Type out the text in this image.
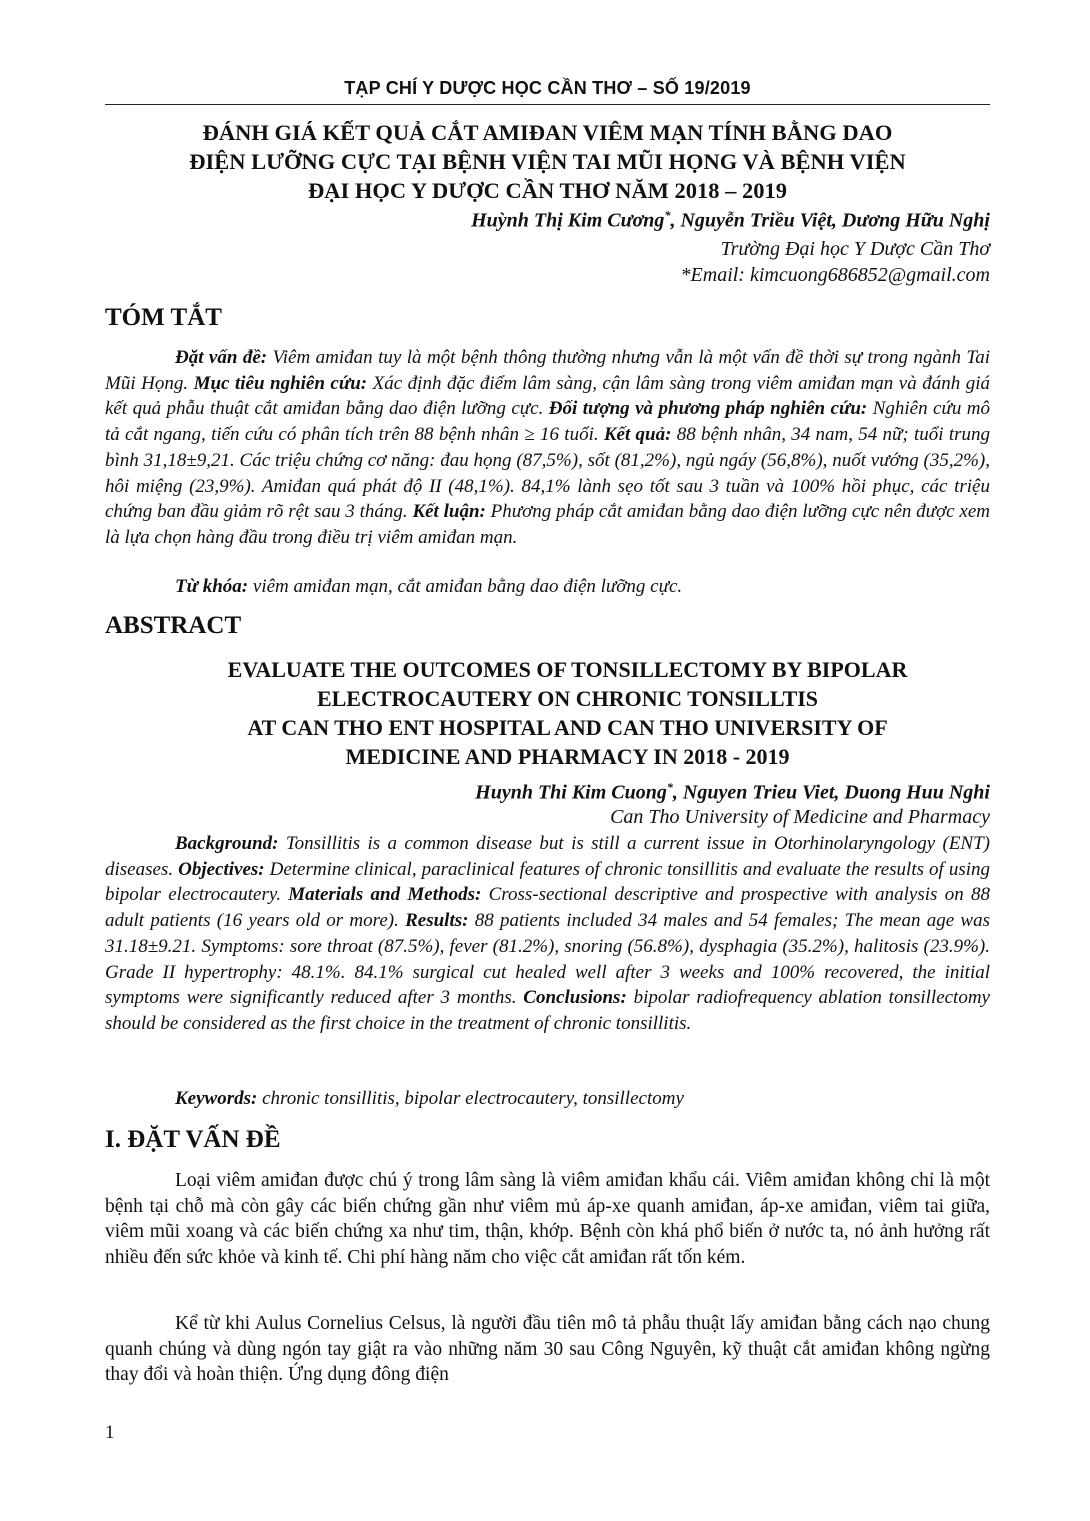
TẠP CHÍ Y DƯỢC HỌC CẦN THƠ – SỐ 19/2019
ĐÁNH GIÁ KẾT QUẢ CẮT AMIĐAN VIÊM MẠN TÍNH BẰNG DAO
ĐIỆN LƯỠNG CỰC TẠI BỆNH VIỆN TAI MŨI HỌNG VÀ BỆNH VIỆN
ĐẠI HỌC Y DƯỢC CẦN THƠ NĂM 2018 – 2019
Huỳnh Thị Kim Cương*, Nguyễn Triều Việt, Dương Hữu Nghị
Trường Đại học Y Dược Cần Thơ
*Email: kimcuong686852@gmail.com
TÓM TẮT

Đặt vấn đề: Viêm amiđan tuy là một bệnh thông thường nhưng vẫn là một vấn đề thời sự trong ngành Tai Mũi Họng. Mục tiêu nghiên cứu: Xác định đặc điểm lâm sàng, cận lâm sàng trong viêm amiđan mạn và đánh giá kết quả phẫu thuật cắt amiđan bằng dao điện lưỡng cực. Đối tượng và phương pháp nghiên cứu: Nghiên cứu mô tả cắt ngang, tiến cứu có phân tích trên 88 bệnh nhân ≥ 16 tuổi. Kết quả: 88 bệnh nhân, 34 nam, 54 nữ; tuổi trung bình 31,18±9,21. Các triệu chứng cơ năng: đau họng (87,5%), sốt (81,2%), ngủ ngáy (56,8%), nuốt vướng (35,2%), hôi miệng (23,9%). Amiđan quá phát độ II (48,1%). 84,1% lành sẹo tốt sau 3 tuần và 100% hồi phục, các triệu chứng ban đầu giảm rõ rệt sau 3 tháng. Kết luận: Phương pháp cắt amiđan bằng dao điện lưỡng cực nên được xem là lựa chọn hàng đầu trong điều trị viêm amiđan mạn.

Từ khóa: viêm amiđan mạn, cắt amiđan bằng dao điện lưỡng cực.
ABSTRACT
EVALUATE THE OUTCOMES OF TONSILLECTOMY BY BIPOLAR
ELECTROCAUTERY ON CHRONIC TONSILLTIS
AT CAN THO ENT HOSPITAL AND CAN THO UNIVERSITY OF
MEDICINE AND PHARMACY IN 2018 - 2019
Huynh Thi Kim Cuong*, Nguyen Trieu Viet, Duong Huu Nghi
Can Tho University of Medicine and Pharmacy

Background: Tonsillitis is a common disease but is still a current issue in Otorhinolaryngology (ENT) diseases. Objectives: Determine clinical, paraclinical features of chronic tonsillitis and evaluate the results of using bipolar electrocautery. Materials and Methods: Cross-sectional descriptive and prospective with analysis on 88 adult patients (16 years old or more). Results: 88 patients included 34 males and 54 females; The mean age was 31.18±9.21. Symptoms: sore throat (87.5%), fever (81.2%), snoring (56.8%), dysphagia (35.2%), halitosis (23.9%). Grade II hypertrophy: 48.1%. 84.1% surgical cut healed well after 3 weeks and 100% recovered, the initial symptoms were significantly reduced after 3 months. Conclusions: bipolar radiofrequency ablation tonsillectomy should be considered as the first choice in the treatment of chronic tonsillitis.

Keywords: chronic tonsillitis, bipolar electrocautery, tonsillectomy
I. ĐẶT VẤN ĐỀ

Loại viêm amiđan được chú ý trong lâm sàng là viêm amiđan khẩu cái. Viêm amiđan không chỉ là một bệnh tại chỗ mà còn gây các biến chứng gần như viêm mủ áp-xe quanh amiđan, áp-xe amiđan, viêm tai giữa, viêm mũi xoang và các biến chứng xa như tim, thận, khớp. Bệnh còn khá phổ biến ở nước ta, nó ảnh hưởng rất nhiều đến sức khỏe và kinh tế. Chi phí hàng năm cho việc cắt amiđan rất tốn kém.

Kể từ khi Aulus Cornelius Celsus, là người đầu tiên mô tả phẫu thuật lấy amiđan bằng cách nạo chung quanh chúng và dùng ngón tay giật ra vào những năm 30 sau Công Nguyên, kỹ thuật cắt amiđan không ngừng thay đổi và hoàn thiện. Ứng dụng đông điện

1
